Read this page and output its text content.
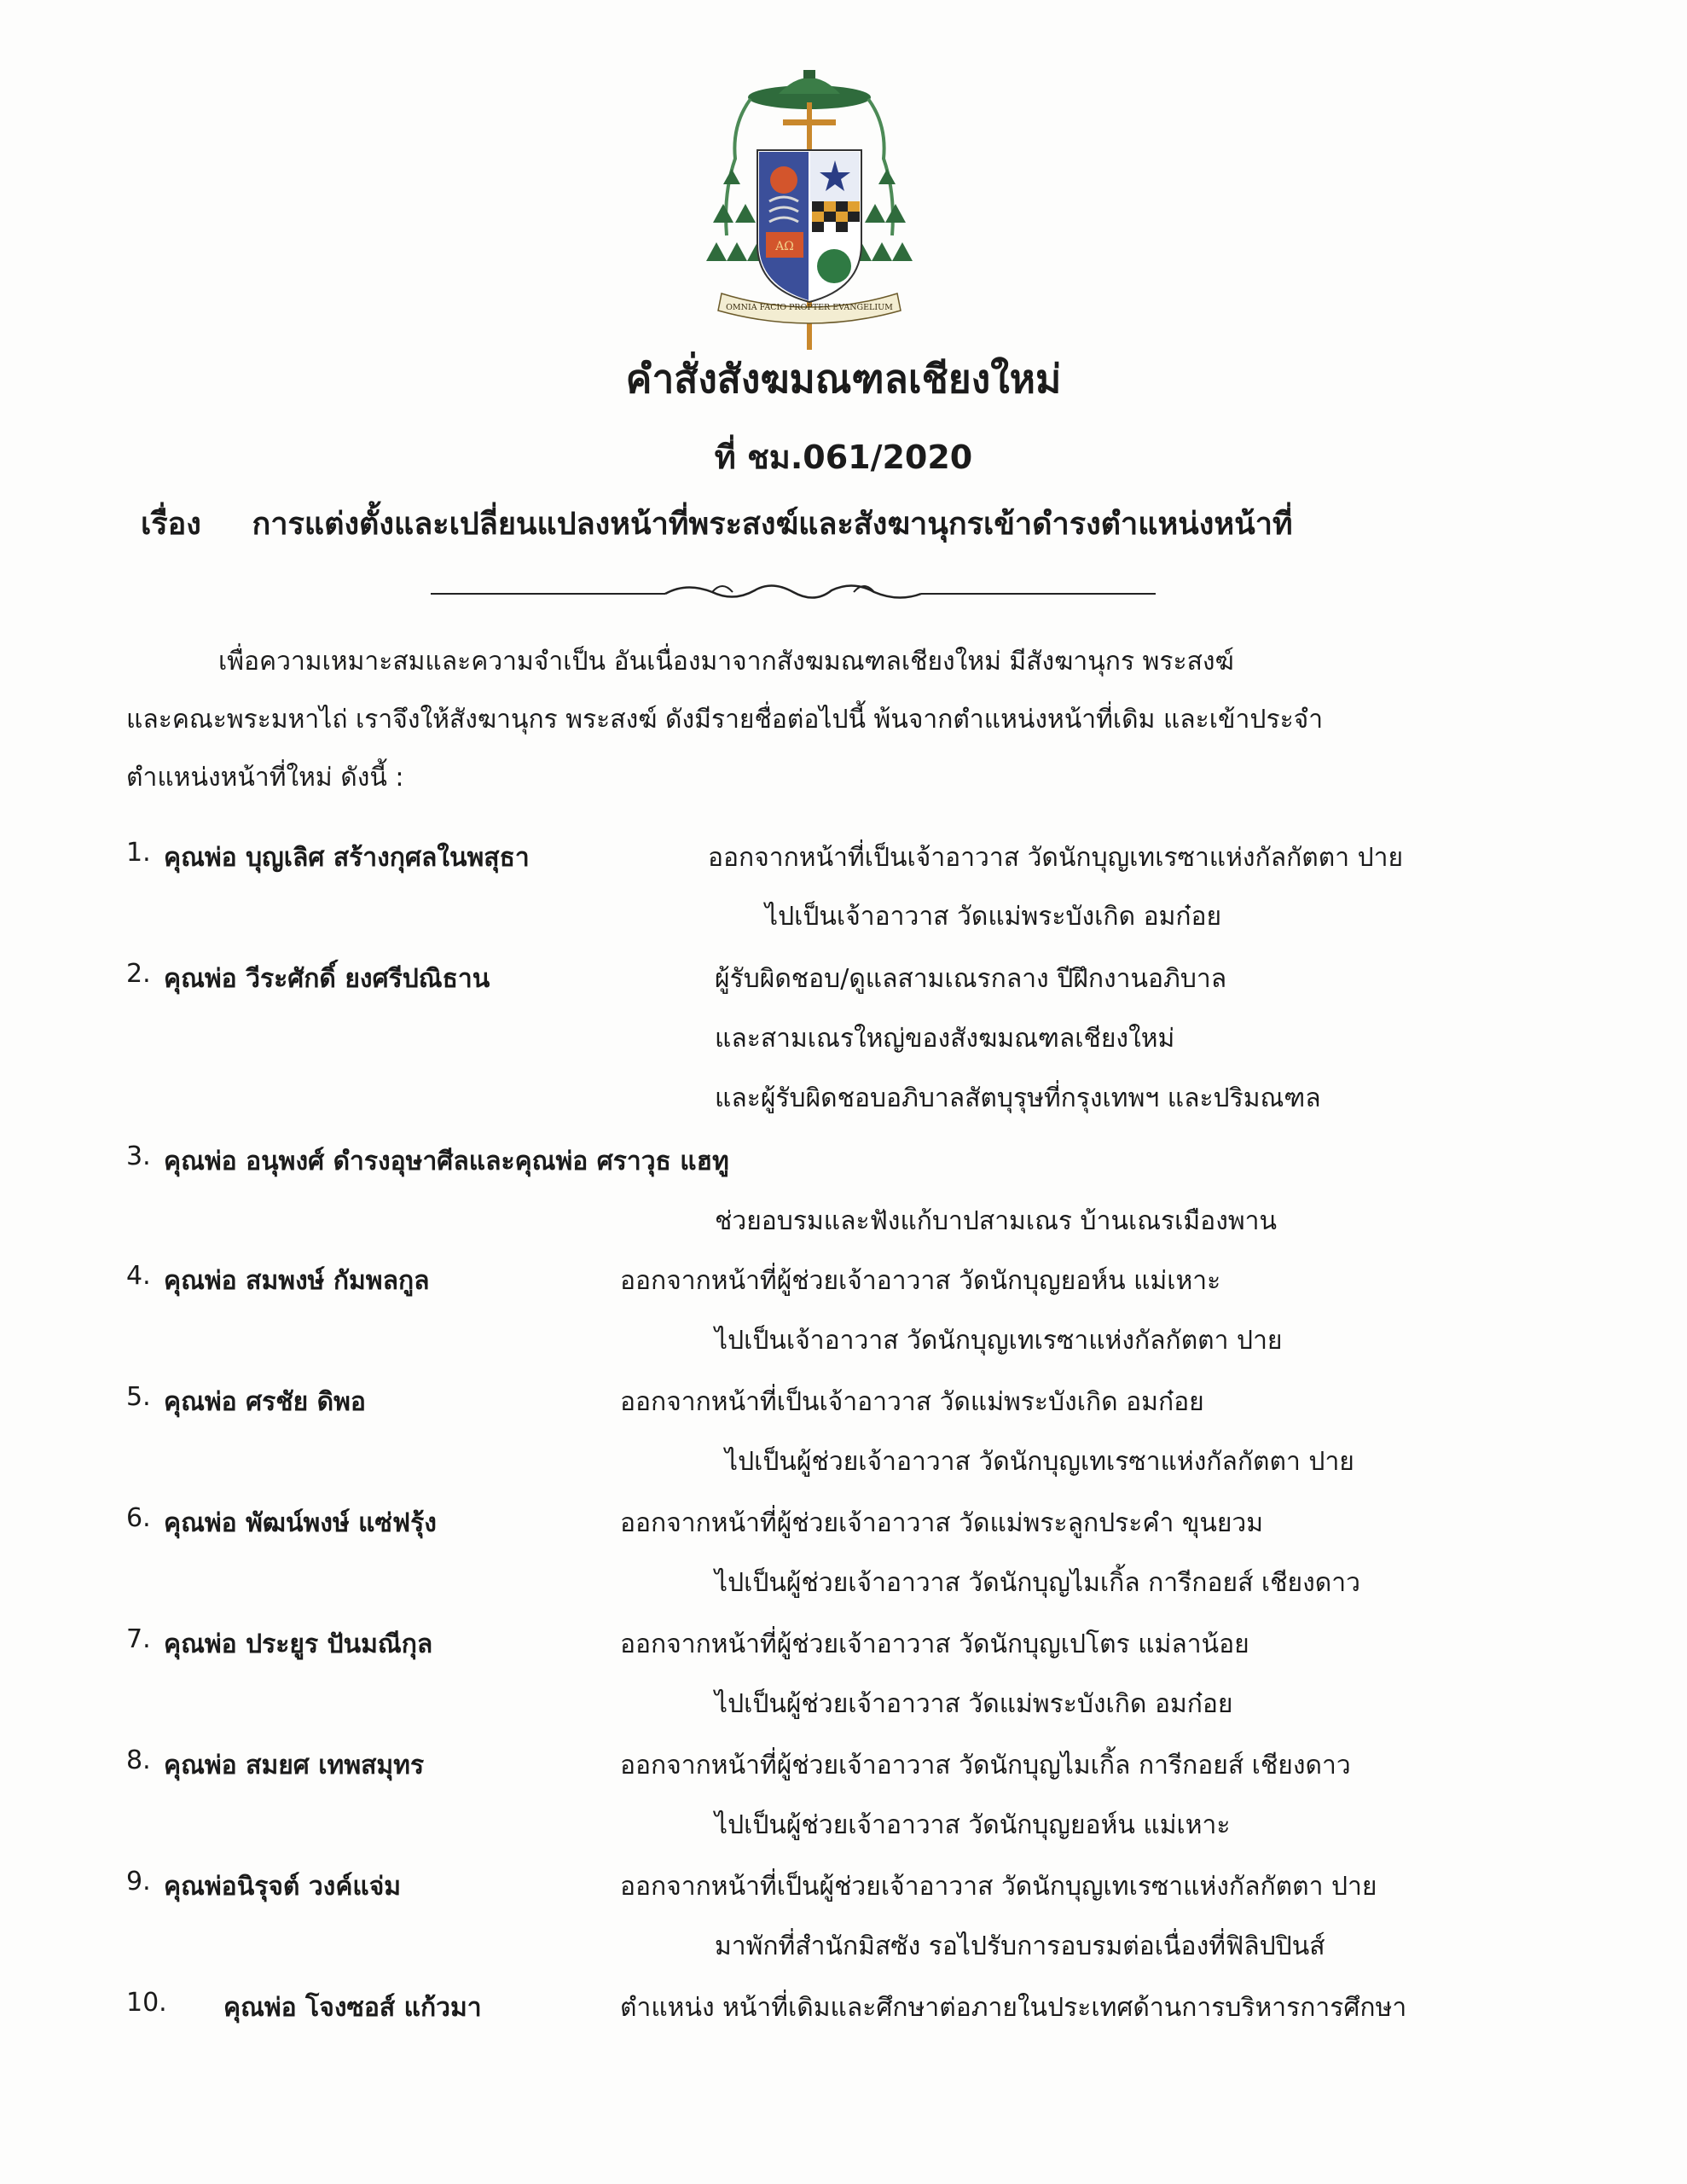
AΩ
OMNIA FACIO PROPTER EVANGELIUM
คำสั่งสังฆมณฑลเชียงใหม่
ที่ ชม.061/2020
เรื่อง การแต่งตั้งและเปลี่ยนแปลงหน้าที่พระสงฆ์และสังฆานุกรเข้าดำรงตำแหน่งหน้าที่
เพื่อความเหมาะสมและความจำเป็น อันเนื่องมาจากสังฆมณฑลเชียงใหม่ มีสังฆานุกร พระสงฆ์
และคณะพระมหาไถ่ เราจึงให้สังฆานุกร พระสงฆ์ ดังมีรายชื่อต่อไปนี้ พ้นจากตำแหน่งหน้าที่เดิม และเข้าประจำ
ตำแหน่งหน้าที่ใหม่ ดังนี้ :
1. คุณพ่อ บุญเลิศ สร้างกุศลในพสุธา	ออกจากหน้าที่เป็นเจ้าอาวาส วัดนักบุญเทเรซาแห่งกัลกัตตา ปาย
ไปเป็นเจ้าอาวาส วัดแม่พระบังเกิด อมก๋อย
2. คุณพ่อ วีระศักดิ์ ยงศรีปณิธาน	ผู้รับผิดชอบ/ดูแลสามเณรกลาง ปีฝึกงานอภิบาล
และสามเณรใหญ่ของสังฆมณฑลเชียงใหม่
และผู้รับผิดชอบอภิบาลสัตบุรุษที่กรุงเทพฯ และปริมณฑล
3. คุณพ่อ อนุพงศ์ ดำรงอุษาศีลและคุณพ่อ ศราวุธ แฮทู
ช่วยอบรมและฟังแก้บาปสามเณร บ้านเณรเมืองพาน
4. คุณพ่อ สมพงษ์ กัมพลกูล	ออกจากหน้าที่ผู้ช่วยเจ้าอาวาส วัดนักบุญยอห์น แม่เหาะ
ไปเป็นเจ้าอาวาส วัดนักบุญเทเรซาแห่งกัลกัตตา ปาย
5. คุณพ่อ ศรชัย ดิพอ	ออกจากหน้าที่เป็นเจ้าอาวาส วัดแม่พระบังเกิด อมก๋อย
ไปเป็นผู้ช่วยเจ้าอาวาส วัดนักบุญเทเรซาแห่งกัลกัตตา ปาย
6. คุณพ่อ พัฒน์พงษ์ แซ่ฟรุ้ง	ออกจากหน้าที่ผู้ช่วยเจ้าอาวาส วัดแม่พระลูกประคำ ขุนยวม
ไปเป็นผู้ช่วยเจ้าอาวาส วัดนักบุญไมเกิ้ล การีกอยส์ เชียงดาว
7. คุณพ่อ ประยูร ปันมณีกุล	ออกจากหน้าที่ผู้ช่วยเจ้าอาวาส วัดนักบุญเปโตร แม่ลาน้อย
ไปเป็นผู้ช่วยเจ้าอาวาส วัดแม่พระบังเกิด อมก๋อย
8. คุณพ่อ สมยศ เทพสมุทร	ออกจากหน้าที่ผู้ช่วยเจ้าอาวาส วัดนักบุญไมเกิ้ล การีกอยส์ เชียงดาว
ไปเป็นผู้ช่วยเจ้าอาวาส วัดนักบุญยอห์น แม่เหาะ
9. คุณพ่อนิรุจต์ วงค์แจ่ม	ออกจากหน้าที่เป็นผู้ช่วยเจ้าอาวาส วัดนักบุญเทเรซาแห่งกัลกัตตา ปาย
มาพักที่สำนักมิสซัง รอไปรับการอบรมต่อเนื่องที่ฟิลิปปินส์
10. คุณพ่อ โจงซอส์ แก้วมา	ตำแหน่ง หน้าที่เดิมและศึกษาต่อภายในประเทศด้านการบริหารการศึกษา
